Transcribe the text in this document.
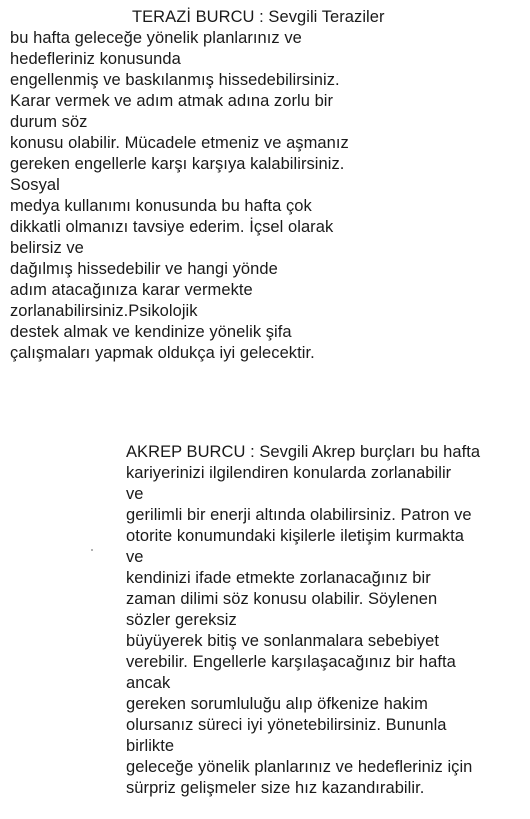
TERAZİ BURCU : Sevgili Teraziler
bu hafta geleceğe yönelik planlarınız ve
hedefleriniz konusunda
engellenmiş ve baskılanmış hissedebilirsiniz.
Karar vermek ve adım atmak adına zorlu bir
durum söz
konusu olabilir. Mücadele etmeniz ve aşmanız
gereken engellerle karşı karşıya kalabilirsiniz.
Sosyal
medya kullanımı konusunda bu hafta çok
dikkatli olmanızı tavsiye ederim. İçsel olarak
belirsiz ve
dağılmış hissedebilir ve hangi yönde
adım atacağınıza karar vermekte
zorlanabilirsiniz.Psikolojik
destek almak ve kendinize yönelik şifa
çalışmaları yapmak oldukça iyi gelecektir.
AKREP BURCU : Sevgili Akrep burçları bu hafta
kariyerinizi ilgilendiren konularda zorlanabilir
ve
gerilimli bir enerji altında olabilirsiniz. Patron ve
otorite konumundaki kişilerle iletişim kurmakta
ve
kendinizi ifade etmekte zorlanacağınız bir
zaman dilimi söz konusu olabilir. Söylenen
sözler gereksiz
büyüyerek bitiş ve sonlanmalara sebebiyet
verebilir. Engellerle karşılaşacağınız bir hafta
ancak
gereken sorumluluğu alıp öfkenize hakim
olursanız süreci iyi yönetebilirsiniz. Bununla
birlikte
geleceğe yönelik planlarınız ve hedefleriniz için
sürpriz gelişmeler size hız kazandırabilir.
